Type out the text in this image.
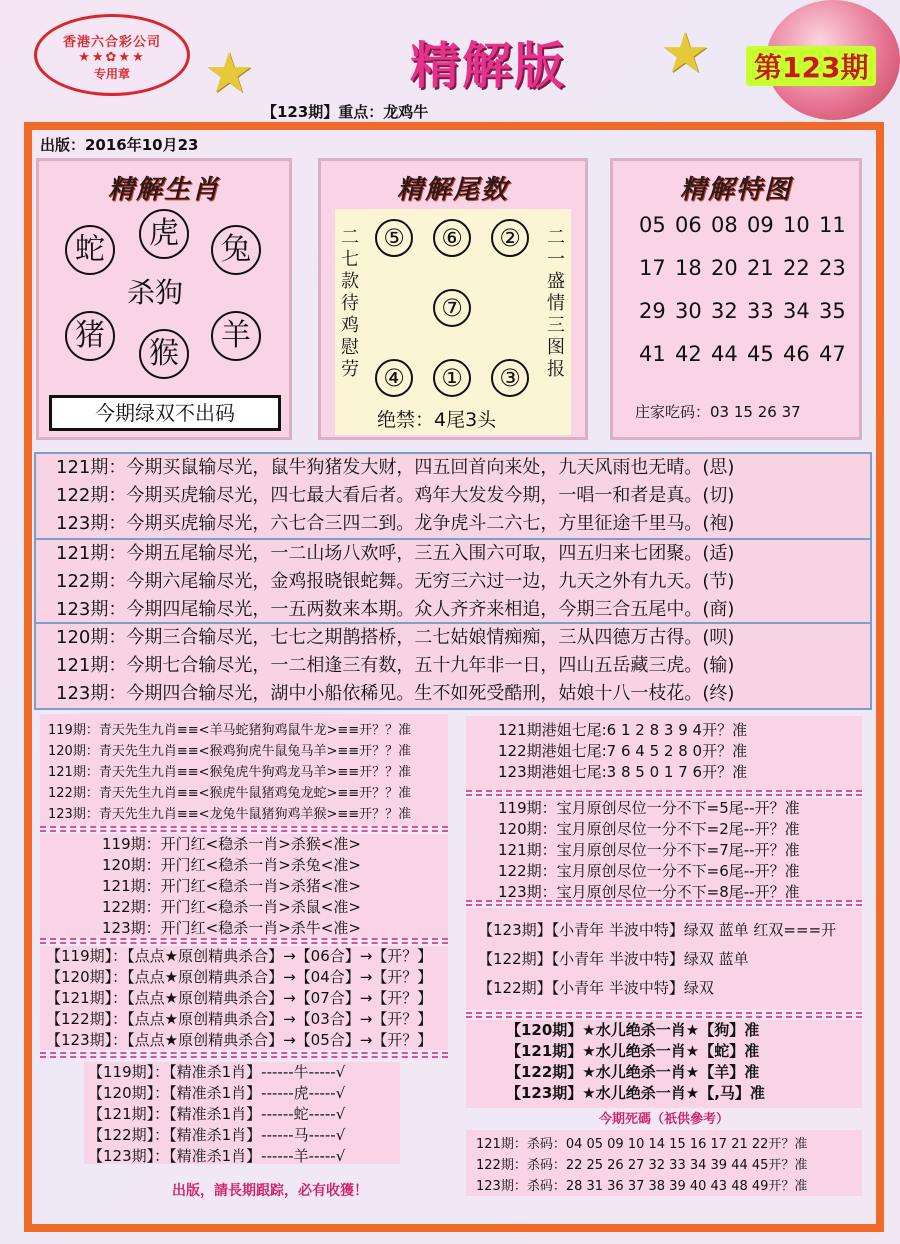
香港六合彩公司
★★✿★★
专用章	★	精解版 ★ 第123期
【123期】重点：龙鸡牛
出版：2016年10月23
精解生肖
蛇	虎	兔
杀狗
猪
猴
羊
今期绿双不出码
精解尾数
二七款待鸡慰劳
二一盛情三图报
⑤	⑥	②
⑦
④	①	③
绝禁：4尾3头
精解特图
05 06 08 09 10 11
17 18 20 21 22 23
29 30 32 33 34 35
41 42 44 45 46 47
庄家吃码：03 15 26 37
121期：今期买鼠输尽光，鼠牛狗猪发大财，四五回首向来处，九天风雨也无晴。(思)
122期：今期买虎输尽光，四七最大看后者。鸡年大发发今期，一唱一和者是真。(切)
123期：今期买虎输尽光，六七合三四二到。龙争虎斗二六七，方里征途千里马。(袍)
121期：今期五尾输尽光，一二山场八欢呼，三五入围六可取，四五归来七团聚。(适)
122期：今期六尾输尽光，金鸡报晓银蛇舞。无穷三六过一边，九天之外有九天。(节)
123期：今期四尾输尽光，一五两数来本期。众人齐齐来相追，今期三合五尾中。(商)
120期：今期三合输尽光，七七之期鹊搭桥，二七姑娘情痴痴，三从四德万古得。(呗)
121期：今期七合输尽光，一二相逢三有数，五十九年非一日，四山五岳藏三虎。(输)
123期：今期四合输尽光，湖中小船依稀见。生不如死受酷刑，姑娘十八一枝花。(终)
119期：青天先生九肖≡≡<羊马蛇猪狗鸡鼠牛龙>≡≡开？？准
120期：青天先生九肖≡≡<猴鸡狗虎牛鼠兔马羊>≡≡开？？准
121期：青天先生九肖≡≡<猴兔虎牛狗鸡龙马羊>≡≡开？？准
122期：青天先生九肖≡≡<猴虎牛鼠猪鸡兔龙蛇>≡≡开？？准
123期：青天先生九肖≡≡<龙兔牛鼠猪狗鸡羊猴>≡≡开？？准
119期：开门红<稳杀一肖>杀猴<准>
120期：开门红<稳杀一肖>杀兔<准>
121期：开门红<稳杀一肖>杀猪<准>
122期：开门红<稳杀一肖>杀鼠<准>
123期：开门红<稳杀一肖>杀牛<准>
【119期】：【点点★原创精典杀合】→【06合】→【开？】
【120期】：【点点★原创精典杀合】→【04合】→【开？】
【121期】：【点点★原创精典杀合】→【07合】→【开？】
【122期】：【点点★原创精典杀合】→【03合】→【开？】
【123期】：【点点★原创精典杀合】→【05合】→【开？】
【119期】：【精准杀1肖】------牛-----√
【120期】：【精准杀1肖】------虎-----√
【121期】：【精准杀1肖】------蛇-----√
【122期】：【精准杀1肖】------马-----√
【123期】：【精准杀1肖】------羊-----√
出版，請長期跟踪，必有收獲！
121期港姐七尾:6 1 2 8 3 9 4开？准
122期港姐七尾:7 6 4 5 2 8 0开？准
123期港姐七尾:3 8 5 0 1 7 6开？准
119期：宝月原创尽位一分不下=5尾--开？准
120期：宝月原创尽位一分不下=2尾--开？准
121期：宝月原创尽位一分不下=7尾--开？准
122期：宝月原创尽位一分不下=6尾--开？准
123期：宝月原创尽位一分不下=8尾--开？准
【123期】【小青年 半波中特】绿双 蓝单 红双===开
【122期】【小青年 半波中特】绿双 蓝单
【122期】【小青年 半波中特】绿双
【120期】★水儿绝杀一肖★【狗】准
【121期】★水儿绝杀一肖★【蛇】准
【122期】★水儿绝杀一肖★【羊】准
【123期】★水儿绝杀一肖★【,马】准
今期死碼（祇供參考）
121期：杀码：04 05 09 10 14 15 16 17 21 22开？准
122期：杀码：22 25 26 27 32 33 34 39 44 45开？准
123期：杀码：28 31 36 37 38 39 40 43 48 49开？准
